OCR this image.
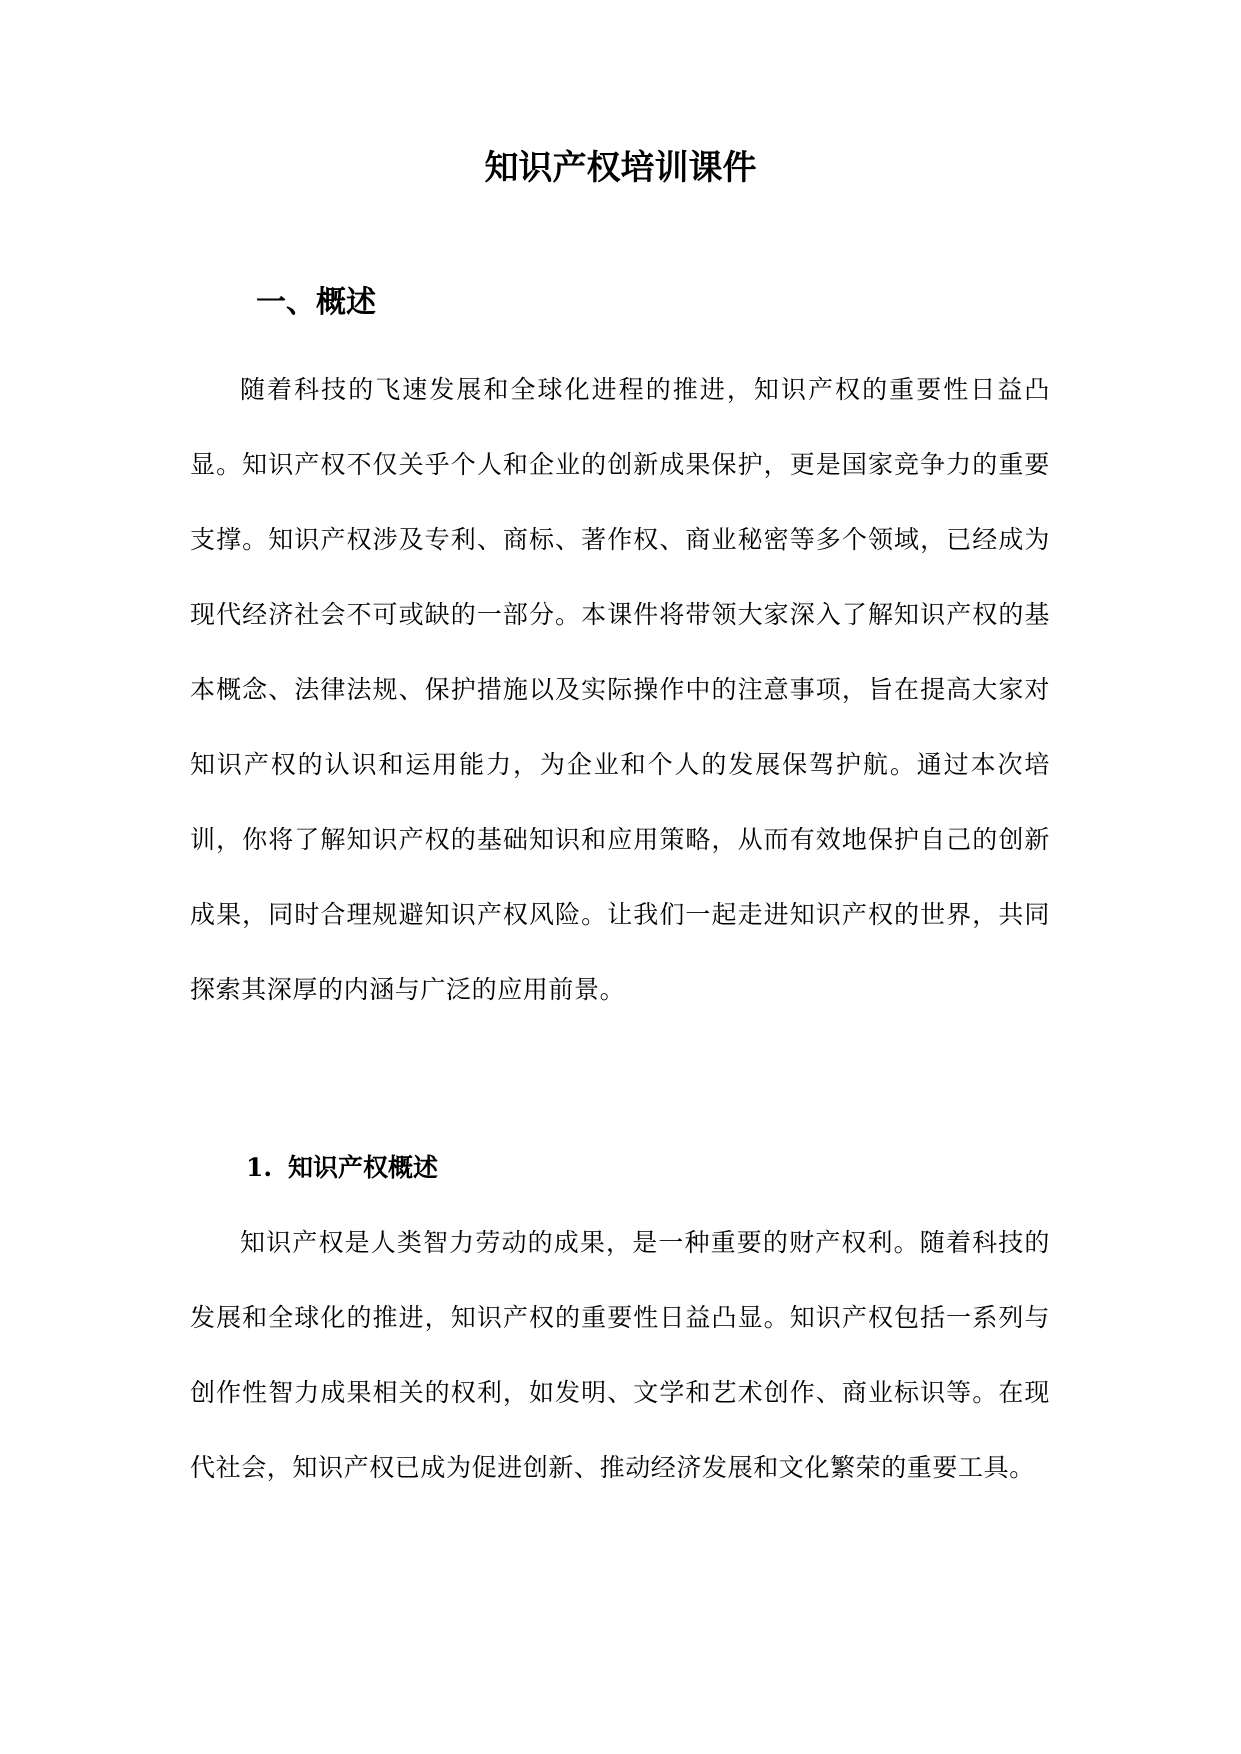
知识产权培训课件
一、概述

随着科技的飞速发展和全球化进程的推进，知识产权的重要性日益凸显。知识产权不仅关乎个人和企业的创新成果保护，更是国家竞争力的重要支撑。知识产权涉及专利、商标、著作权、商业秘密等多个领域，已经成为现代经济社会不可或缺的一部分。本课件将带领大家深入了解知识产权的基本概念、法律法规、保护措施以及实际操作中的注意事项，旨在提高大家对知识产权的认识和运用能力，为企业和个人的发展保驾护航。通过本次培训，你将了解知识产权的基础知识和应用策略，从而有效地保护自己的创新成果，同时合理规避知识产权风险。让我们一起走进知识产权的世界，共同探索其深厚的内涵与广泛的应用前景。

1. 知识产权概述

知识产权是人类智力劳动的成果，是一种重要的财产权利。随着科技的发展和全球化的推进，知识产权的重要性日益凸显。知识产权包括一系列与创作性智力成果相关的权利，如发明、文学和艺术创作、商业标识等。在现代社会，知识产权已成为促进创新、推动经济发展和文化繁荣的重要工具。
